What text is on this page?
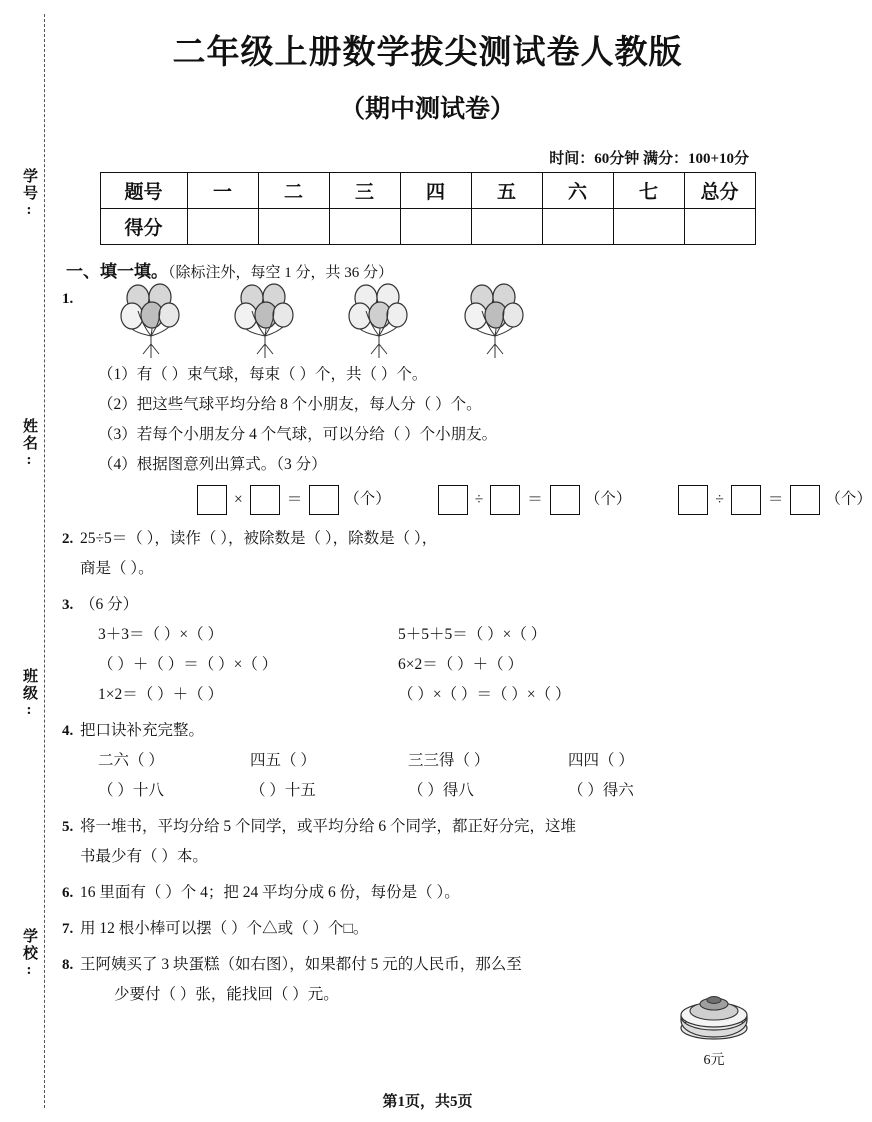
学号:
姓名:
班级:
学校:
二年级上册数学拔尖测试卷人教版
（期中测试卷）
时间：60分钟 满分：100+10分
题号	一	二	三	四	五	六	七	总分
得分								
一、填一填。（除标注外，每空 1 分，共 36 分）
1.
（1）有（ ）束气球，每束（ ）个，共（ ）个。
（2）把这些气球平均分给 8 个小朋友，每人分（ ）个。
（3）若每个小朋友分 4 个气球，可以分给（ ）个小朋友。
（4）根据图意列出算式。（3 分）
×	＝	（个）	÷	＝	（个）	÷	＝	（个）
2. 25÷5＝（ ），读作（ ），被除数是（ ），除数是（ ），
商是（ ）。
3. （6 分）
3＋3＝（ ）×（ ）	5＋5＋5＝（ ）×（ ）
（ ）＋（ ）＝（ ）×（ ）	6×2＝（ ）＋（ ）
1×2＝（ ）＋（ ）	（ ）×（ ）＝（ ）×（ ）
4. 把口诀补充完整。
二六（ ）	四五（ ）	三三得（ ）	四四（ ）
（ ）十八	（ ）十五	（ ）得八	（ ）得六
5. 将一堆书，平均分给 5 个同学，或平均分给 6 个同学，都正好分完，这堆
书最少有（ ）本。
6. 16 里面有（ ）个 4；把 24 平均分成 6 份，每份是（ ）。
7. 用 12 根小棒可以摆（ ）个△或（ ）个□。
8. 王阿姨买了 3 块蛋糕（如右图），如果都付 5 元的人民币，那么至
少要付（ ）张，能找回（ ）元。
6元
第1页，共5页
